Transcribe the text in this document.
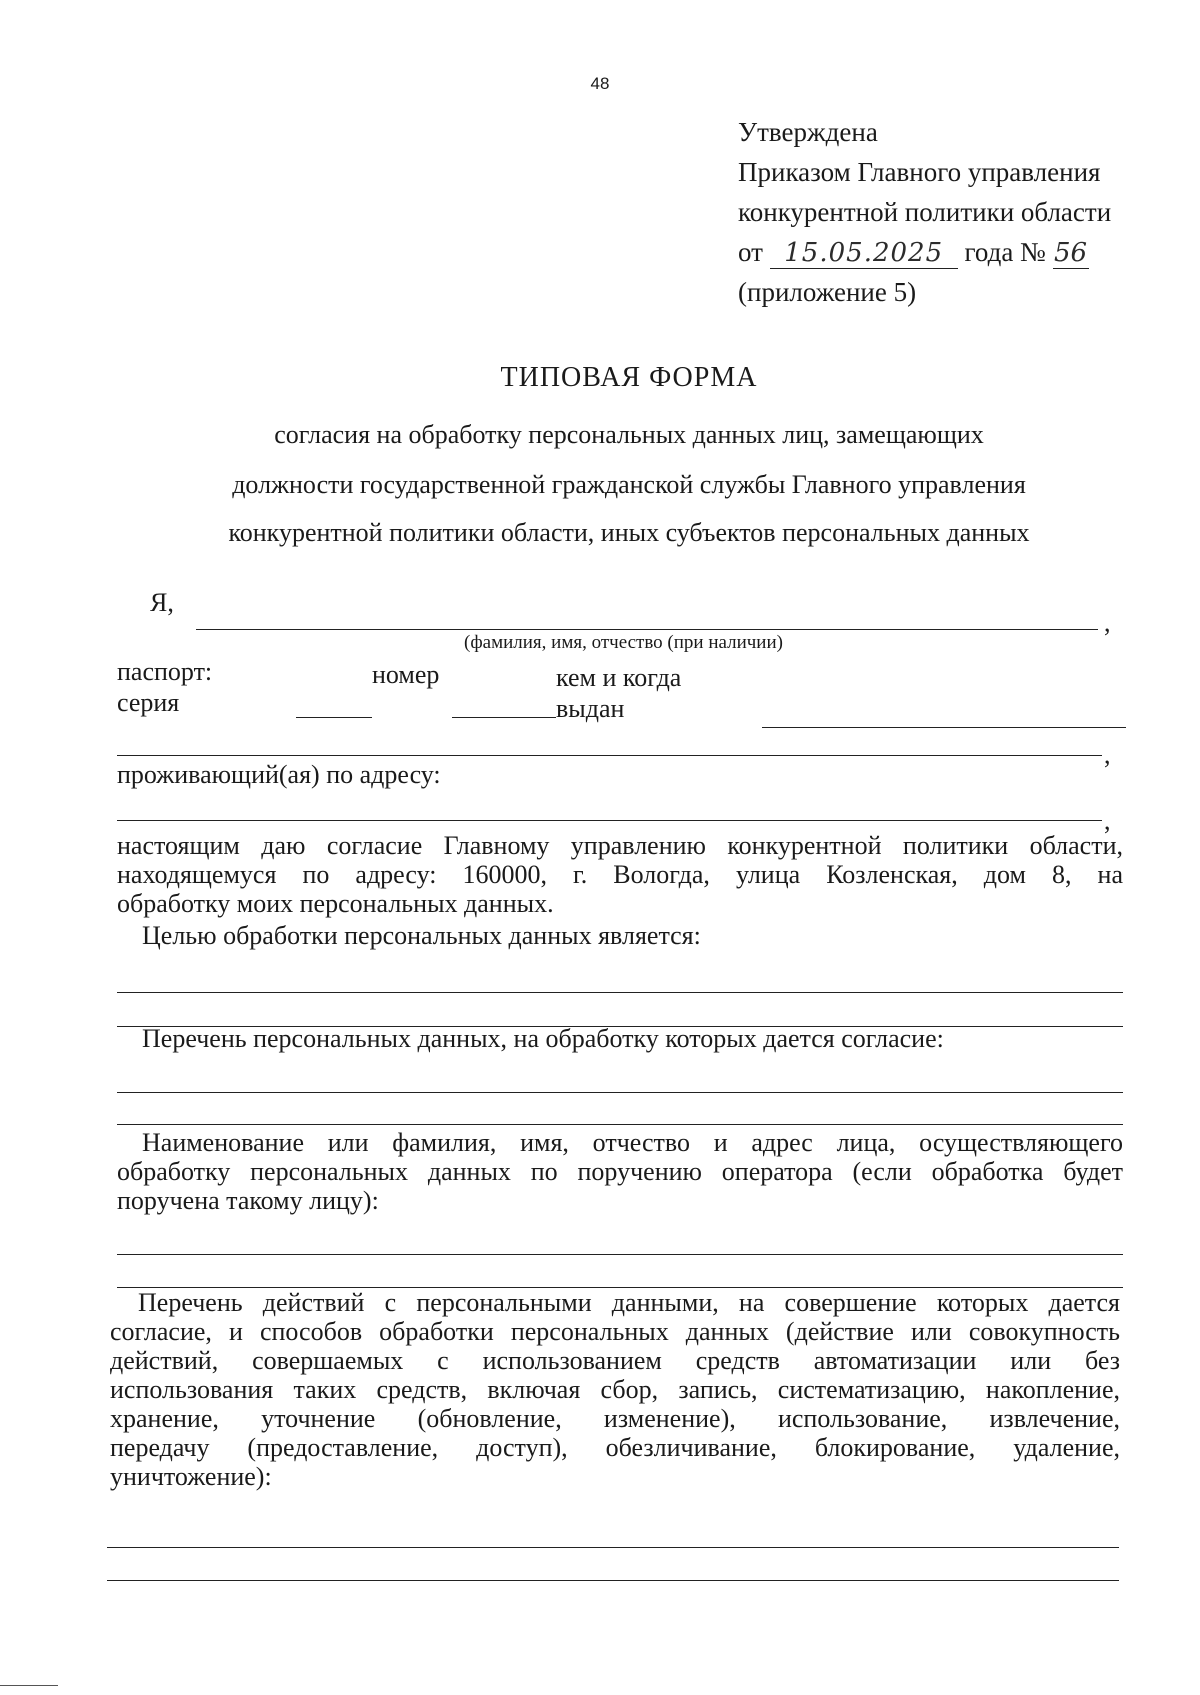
48
Утверждена
Приказом Главного управления
конкурентной политики области
от 15.05.2025 года № 56
(приложение 5)
ТИПОВАЯ ФОРМА
согласия на обработку персональных данных лиц, замещающих
должности государственной гражданской службы Главного управления
конкурентной политики области, иных субъектов персональных данных
Я,
,
(фамилия, имя, отчество (при наличии)
паспорт:
серия
номер	кем и когда
выдан
,
проживающий(ая) по адресу:
,
настоящим даю согласие Главному управлению конкурентной политики области,
находящемуся по адресу: 160000, г. Вологда, улица Козленская, дом 8, на
обработку моих персональных данных.
Целью обработки персональных данных является:
Перечень персональных данных, на обработку которых дается согласие:
Наименование или фамилия, имя, отчество и адрес лица, осуществляющего
обработку персональных данных по поручению оператора (если обработка будет
поручена такому лицу):
Перечень действий с персональными данными, на совершение которых дается
согласие, и способов обработки персональных данных (действие или совокупность
действий, совершаемых с использованием средств автоматизации или без
использования таких средств, включая сбор, запись, систематизацию, накопление,
хранение, уточнение (обновление, изменение), использование, извлечение,
передачу (предоставление, доступ), обезличивание, блокирование, удаление,
уничтожение):
